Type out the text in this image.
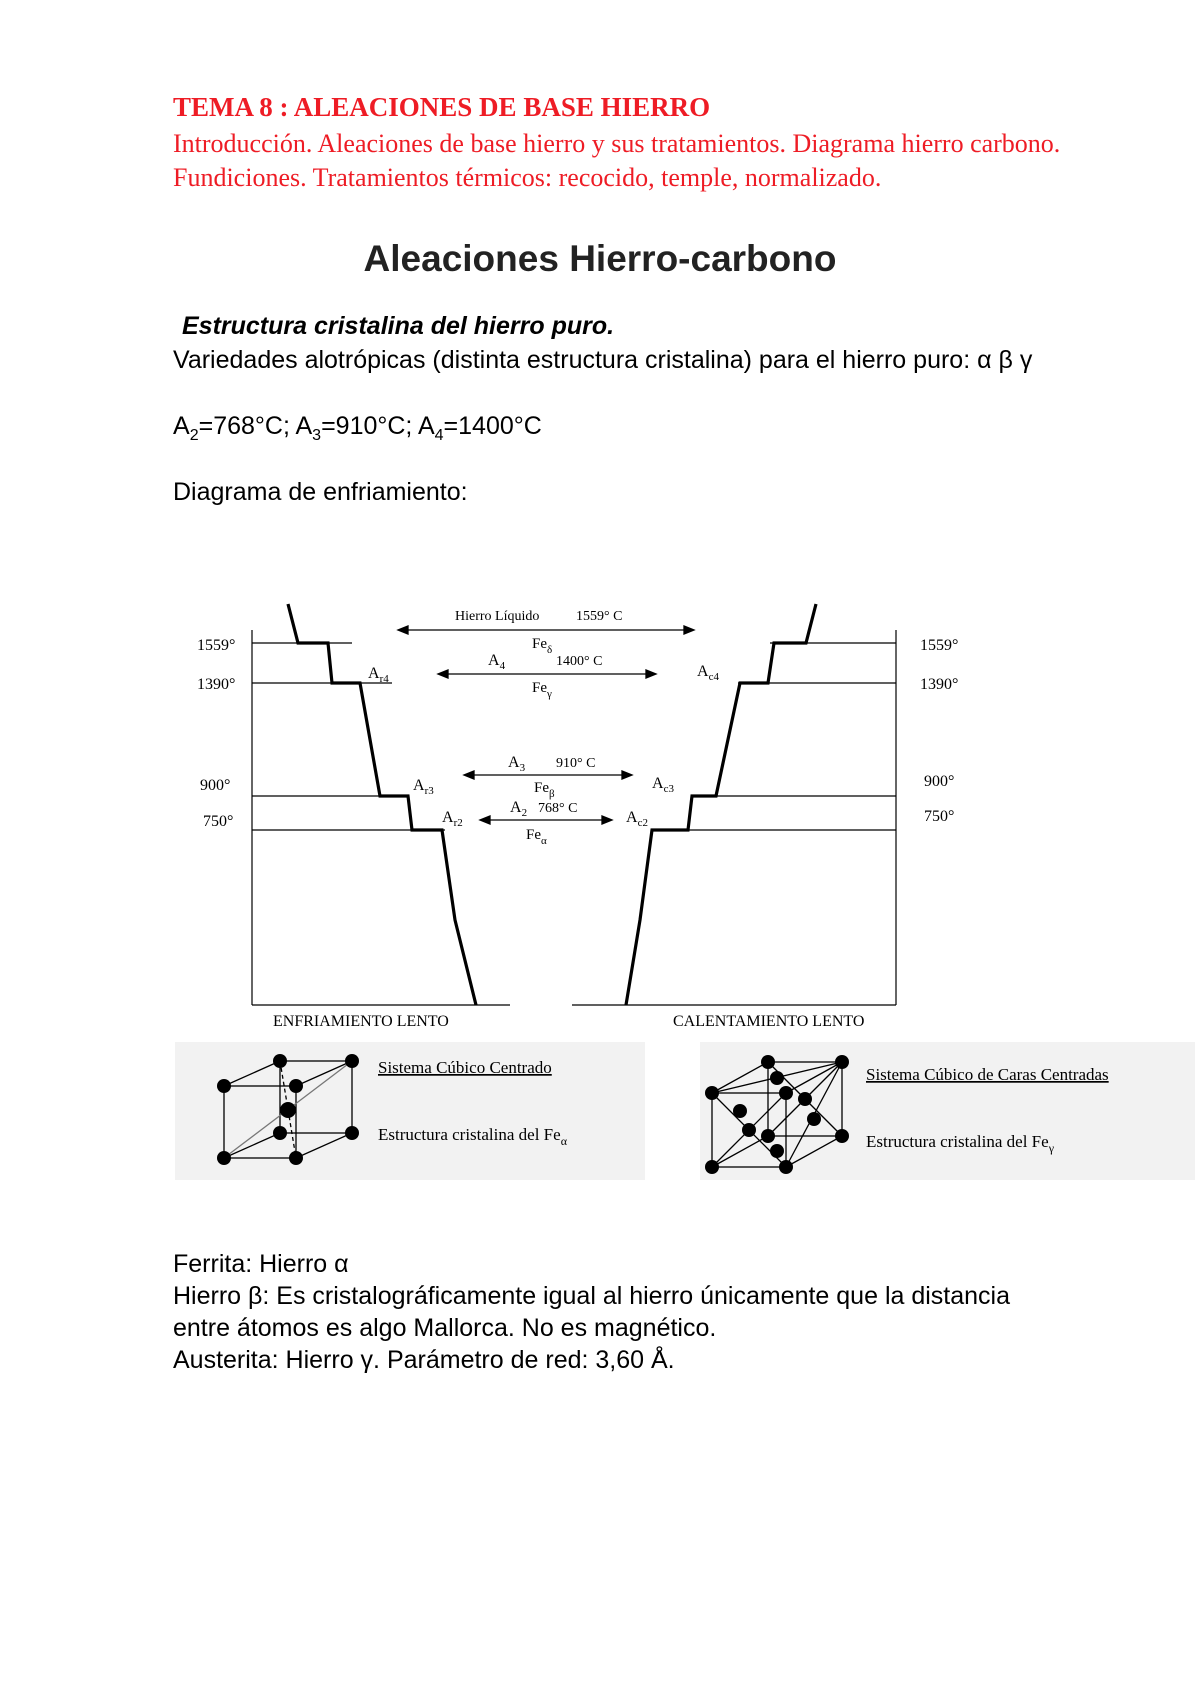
TEMA 8 : ALEACIONES DE BASE HIERRO

Introducción. Aleaciones de base hierro y sus tratamientos. Diagrama hierro carbono. Fundiciones. Tratamientos térmicos: recocido, temple, normalizado.

Aleaciones Hierro-carbono

Estructura cristalina del hierro puro.

Variedades alotrópicas (distinta estructura cristalina) para el hierro puro: α β γ

$A_2=768^\circ C$; $A_3=910^\circ C$; $A_4=1400^\circ C$

Diagrama de enfriamiento:

1559°
1390°
900°
750°
1559°
1390°
900°
750°
Hierro Líquido	1559° C
$Fe_\delta$
$A_4$	1400° C
$Fe_\gamma$
$A_3$ 910° C
$Fe_\beta$
$A_2$ 768° C
$Fe_\alpha$
$A_{r4}$
$A_{r3}$
$A_{r2}$
$A_{c4}$
$A_{c3}$
$A_{c2}$
ENFRIAMIENTO LENTO	CALENTAMIENTO LENTO
Sistema Cúbico Centrado
Estructura cristalina del $Fe_\alpha$
Sistema Cúbico de Caras Centradas
Estructura cristalina del $Fe_\gamma$
Ferrita: Hierro α
Hierro β: Es cristalográficamente igual al hierro únicamente que la distancia entre átomos es algo Mallorca. No es magnético.
Austerita: Hierro γ. Parámetro de red: 3,60 Å.
